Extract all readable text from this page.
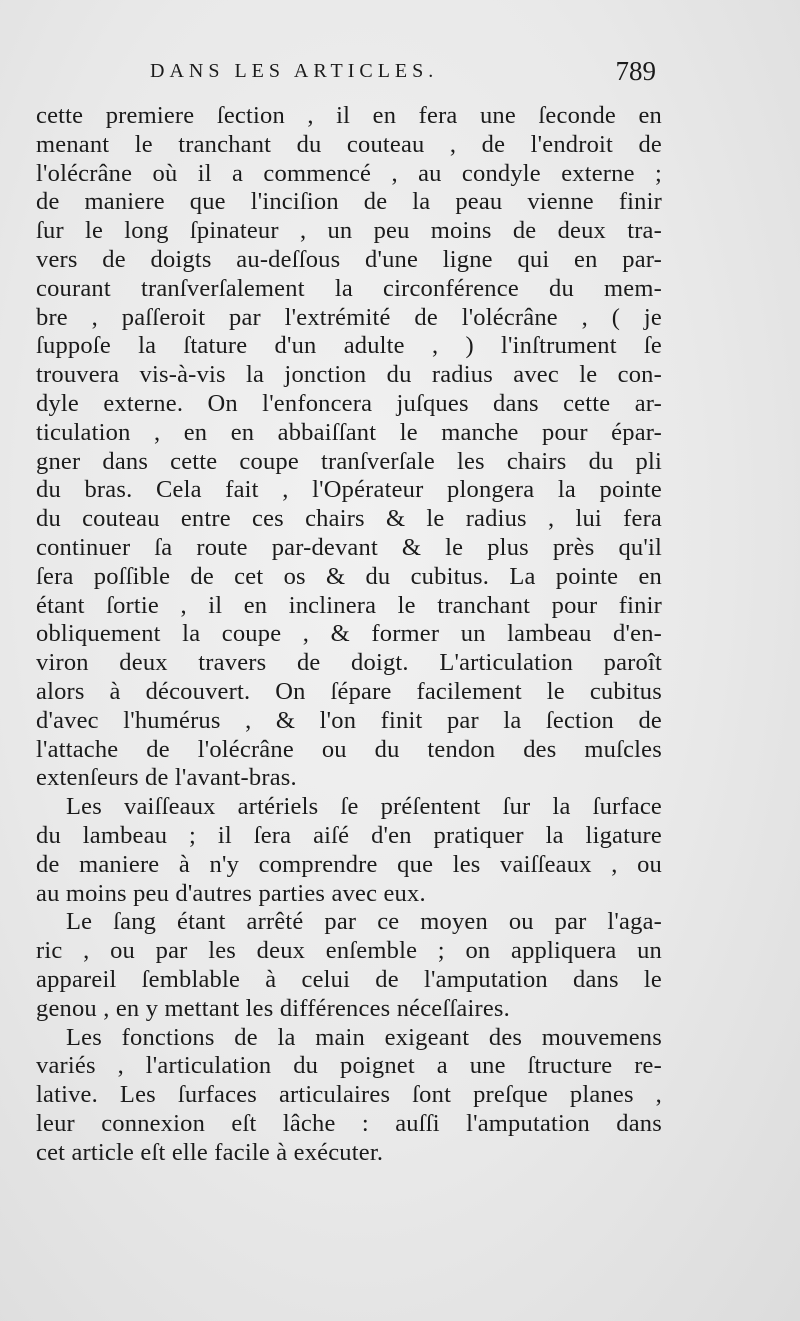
DANS LES ARTICLES.	789
cette premiere ſection , il en fera une ſeconde en
menant le tranchant du couteau , de l'endroit de
l'olécrâne où il a commencé , au condyle externe ;
de maniere que l'inciſion de la peau vienne finir
ſur le long ſpinateur , un peu moins de deux tra-
vers de doigts au-deſſous d'une ligne qui en par-
courant tranſverſalement la circonférence du mem-
bre , paſſeroit par l'extrémité de l'olécrâne , ( je
ſuppoſe la ſtature d'un adulte , ) l'inſtrument ſe
trouvera vis-à-vis la jonction du radius avec le con-
dyle externe. On l'enfoncera juſques dans cette ar-
ticulation , en en abbaiſſant le manche pour épar-
gner dans cette coupe tranſverſale les chairs du pli
du bras. Cela fait , l'Opérateur plongera la pointe
du couteau entre ces chairs & le radius , lui fera
continuer ſa route par-devant & le plus près qu'il
ſera poſſible de cet os & du cubitus. La pointe en
étant ſortie , il en inclinera le tranchant pour finir
obliquement la coupe , & former un lambeau d'en-
viron deux travers de doigt. L'articulation paroît
alors à découvert. On ſépare facilement le cubitus
d'avec l'humérus , & l'on finit par la ſection de
l'attache de l'olécrâne ou du tendon des muſcles
extenſeurs de l'avant-bras.
Les vaiſſeaux artériels ſe préſentent ſur la ſurface
du lambeau ; il ſera aiſé d'en pratiquer la ligature
de maniere à n'y comprendre que les vaiſſeaux , ou
au moins peu d'autres parties avec eux.
Le ſang étant arrêté par ce moyen ou par l'aga-
ric , ou par les deux enſemble ; on appliquera un
appareil ſemblable à celui de l'amputation dans le
genou , en y mettant les différences néceſſaires.
Les fonctions de la main exigeant des mouvemens
variés , l'articulation du poignet a une ſtructure re-
lative. Les ſurfaces articulaires ſont preſque planes ,
leur connexion eſt lâche : auſſi l'amputation dans
cet article eſt elle facile à exécuter.
